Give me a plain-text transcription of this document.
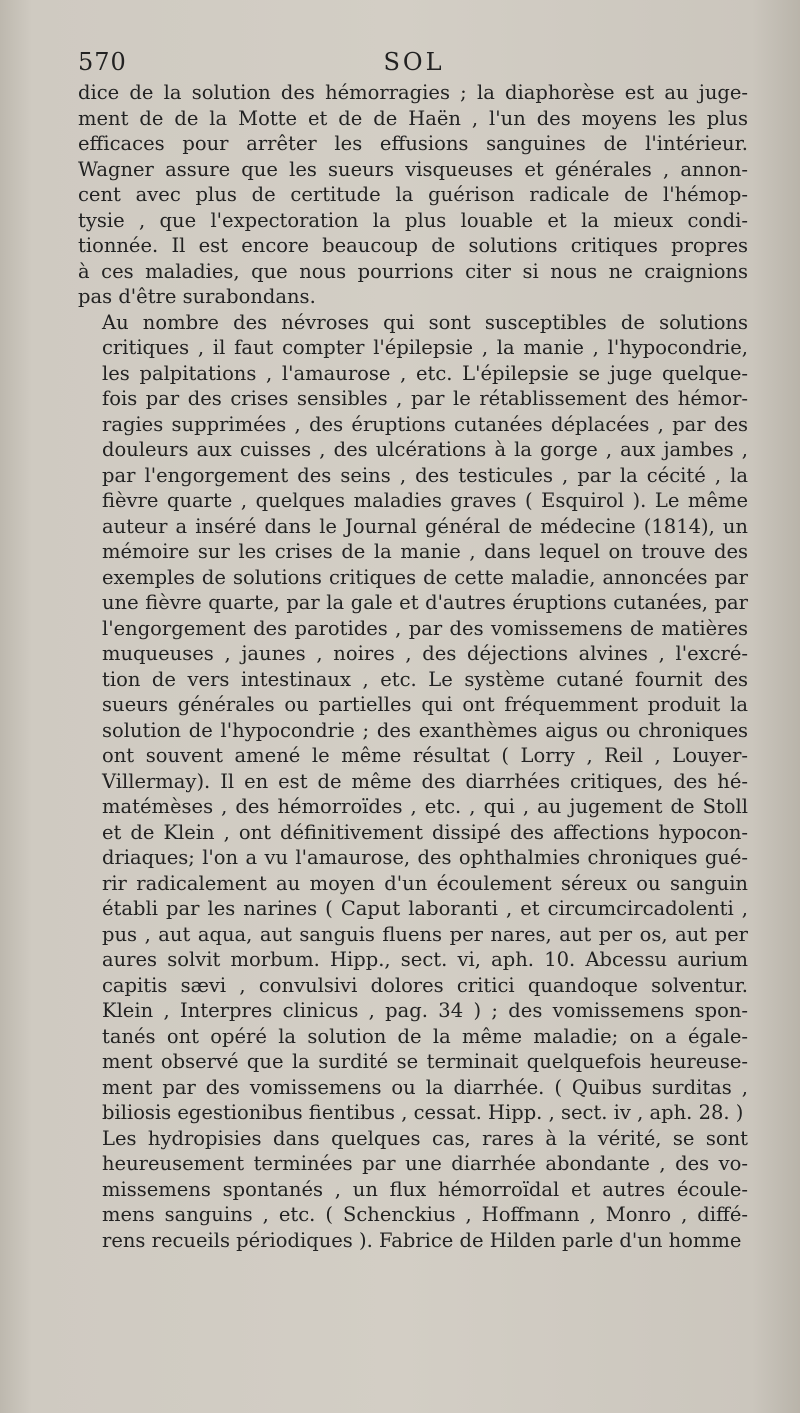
570	SOL
dice de la solution des hémorragies ; la diaphorèse est au juge-
ment de de la Motte et de de Haën , l'un des moyens les plus
efficaces pour arrêter les effusions sanguines de l'intérieur.
Wagner assure que les sueurs visqueuses et générales , annon-
cent avec plus de certitude la guérison radicale de l'hémop-
tysie , que l'expectoration la plus louable et la mieux condi-
tionnée. Il est encore beaucoup de solutions critiques propres
à ces maladies, que nous pourrions citer si nous ne craignions
pas d'être surabondans.
Au nombre des névroses qui sont susceptibles de solutions
critiques , il faut compter l'épilepsie , la manie , l'hypocondrie,
les palpitations , l'amaurose , etc. L'épilepsie se juge quelque-
fois par des crises sensibles , par le rétablissement des hémor-
ragies supprimées , des éruptions cutanées déplacées , par des
douleurs aux cuisses , des ulcérations à la gorge , aux jambes ,
par l'engorgement des seins , des testicules , par la cécité , la
fièvre quarte , quelques maladies graves ( Esquirol ). Le même
auteur a inséré dans le Journal général de médecine (1814), un
mémoire sur les crises de la manie , dans lequel on trouve des
exemples de solutions critiques de cette maladie, annoncées par
une fièvre quarte, par la gale et d'autres éruptions cutanées, par
l'engorgement des parotides , par des vomissemens de matières
muqueuses , jaunes , noires , des déjections alvines , l'excré-
tion de vers intestinaux , etc. Le système cutané fournit des
sueurs générales ou partielles qui ont fréquemment produit la
solution de l'hypocondrie ; des exanthèmes aigus ou chroniques
ont souvent amené le même résultat ( Lorry , Reil , Louyer-
Villermay). Il en est de même des diarrhées critiques, des hé-
matémèses , des hémorroïdes , etc. , qui , au jugement de Stoll
et de Klein , ont définitivement dissipé des affections hypocon-
driaques; l'on a vu l'amaurose, des ophthalmies chroniques gué-
rir radicalement au moyen d'un écoulement séreux ou sanguin
établi par les narines ( Caput laboranti , et circumcircadolenti ,
pus , aut aqua, aut sanguis fluens per nares, aut per os, aut per
aures solvit morbum. Hipp., sect. vi, aph. 10. Abcessu aurium
capitis sævi , convulsivi dolores critici quandoque solventur.
Klein , Interpres clinicus , pag. 34 ) ; des vomissemens spon-
tanés ont opéré la solution de la même maladie; on a égale-
ment observé que la surdité se terminait quelquefois heureuse-
ment par des vomissemens ou la diarrhée. ( Quibus surditas ,
biliosis egestionibus fientibus , cessat. Hipp. , sect. iv , aph. 28. )
Les hydropisies dans quelques cas, rares à la vérité, se sont
heureusement terminées par une diarrhée abondante , des vo-
missemens spontanés , un flux hémorroïdal et autres écoule-
mens sanguins , etc. ( Schenckius , Hoffmann , Monro , diffé-
rens recueils périodiques ). Fabrice de Hilden parle d'un homme
